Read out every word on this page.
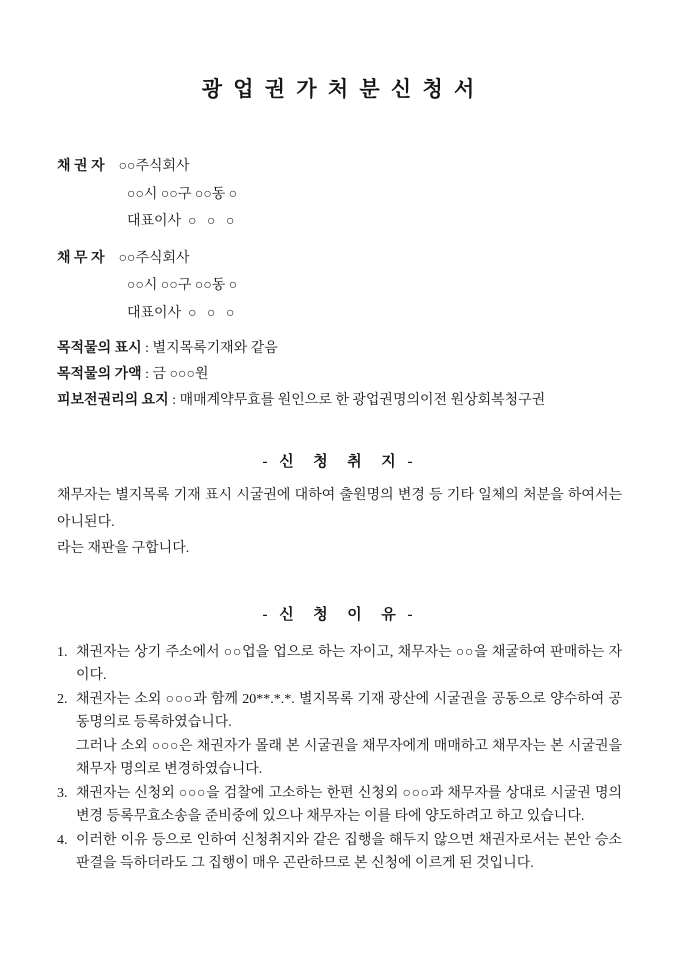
광 업 권 가 처 분 신 청 서
채 권 자 ○○주식회사
○○시 ○○구 ○○동 ○
대표이사  ○   ○   ○
채 무 자 ○○주식회사
○○시 ○○구 ○○동 ○
대표이사  ○   ○   ○
목적물의 표시 : 별지목록기재와 같음
목적물의 가액 : 금 ○○○원
피보전권리의 요지 : 매매계약무효를 원인으로 한 광업권명의이전 원상회복청구권
- 신  청  취  지 -

채무자는 별지목록 기재 표시 시굴권에 대하여 출원명의 변경 등 기타 일체의 처분을 하여서는 아니된다.

라는 재판을 구합니다.

- 신  청  이  유 -
1. 채권자는 상기 주소에서 ○○업을 업으로 하는 자이고, 채무자는 ○○을 채굴하여 판매하는 자이다.

2. 채권자는 소외 ○○○과 함께 20**.*.*. 별지목록 기재 광산에 시굴권을 공동으로 양수하여 공동명의로 등록하였습니다.

그러나 소외 ○○○은 채권자가 몰래 본 시굴권을 채무자에게 매매하고 채무자는 본 시굴권을 채무자 명의로 변경하였습니다.

3. 채권자는 신청외 ○○○을 검찰에 고소하는 한편 신청외 ○○○과 채무자를 상대로 시굴권 명의변경 등록무효소송을 준비중에 있으나 채무자는 이를 타에 양도하려고 하고 있습니다.

4. 이러한 이유 등으로 인하여 신청취지와 같은 집행을 해두지 않으면 채권자로서는 본안 승소판결을 득하더라도 그 집행이 매우 곤란하므로 본 신청에 이르게 된 것입니다.
